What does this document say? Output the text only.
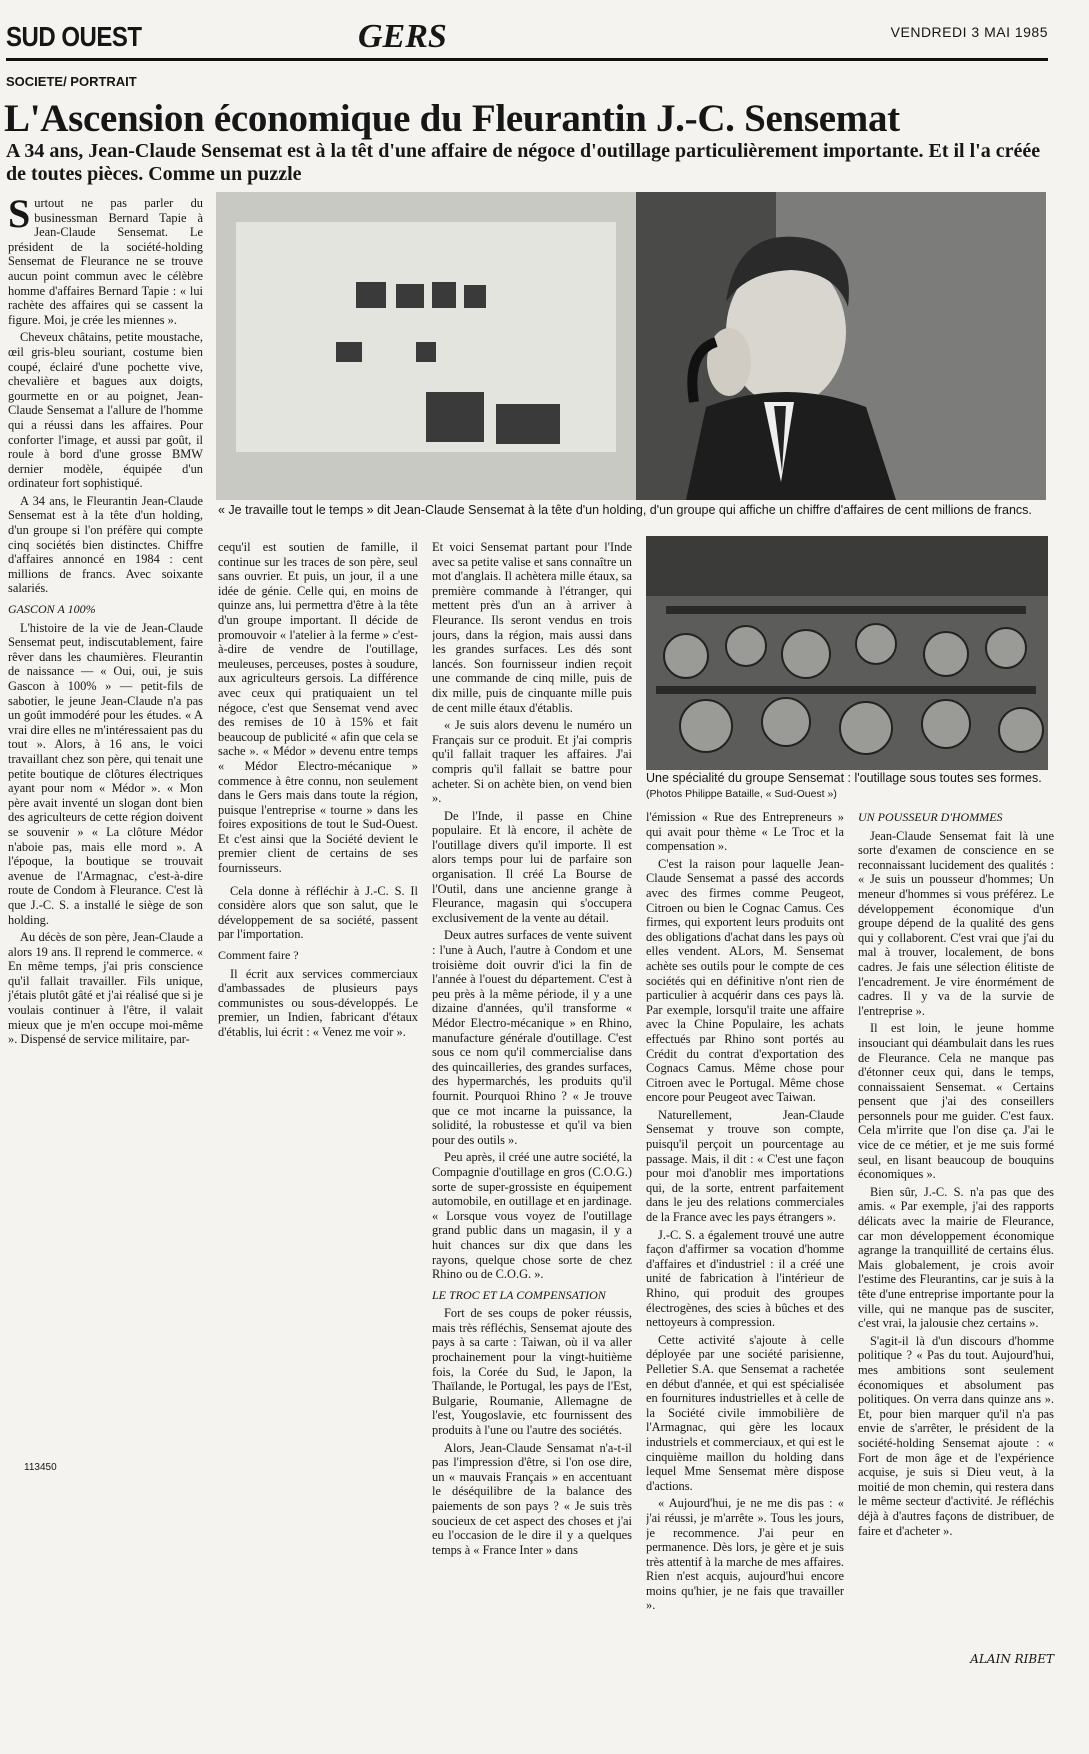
SUD OUEST	GERS	VENDREDI 3 MAI 1985
SOCIETE/ PORTRAIT
L'Ascension économique du Fleurantin J.-C. Sensemat
A 34 ans, Jean-Claude Sensemat est à la têt d'une affaire de négoce d'outillage particulièrement importante. Et il l'a créée de toutes pièces. Comme un puzzle
« Je travaille tout le temps » dit Jean-Claude Sensemat à la tête d'un holding, d'un groupe qui affiche un chiffre d'affaires de cent millions de francs.
Une spécialité du groupe Sensemat : l'outillage sous toutes ses formes. (Photos Philippe Bataille, « Sud-Ouest »)

Surtout ne pas parler du businessman Bernard Tapie à Jean-Claude Sensemat. Le président de la société-holding Sensemat de Fleurance ne se trouve aucun point commun avec le célèbre homme d'affaires Bernard Tapie : « lui rachète des affaires qui se cassent la figure. Moi, je crée les miennes ».

Cheveux châtains, petite moustache, œil gris-bleu souriant, costume bien coupé, éclairé d'une pochette vive, chevalière et bagues aux doigts, gourmette en or au poignet, Jean-Claude Sensemat a l'allure de l'homme qui a réussi dans les affaires. Pour conforter l'image, et aussi par goût, il roule à bord d'une grosse BMW dernier modèle, équipée d'un ordinateur fort sophistiqué.

A 34 ans, le Fleurantin Jean-Claude Sensemat est à la tête d'un holding, d'un groupe si l'on préfère qui compte cinq sociétés bien distinctes. Chiffre d'affaires annoncé en 1984 : cent millions de francs. Avec soixante salariés.

GASCON A 100%

L'histoire de la vie de Jean-Claude Sensemat peut, indiscutablement, faire rêver dans les chaumières. Fleurantin de naissance — « Oui, oui, je suis Gascon à 100% » — petit-fils de sabotier, le jeune Jean-Claude n'a pas un goût immodéré pour les études. « A vrai dire elles ne m'intéressaient pas du tout ». Alors, à 16 ans, le voici travaillant chez son père, qui tenait une petite boutique de clôtures électriques ayant pour nom « Médor ». « Mon père avait inventé un slogan dont bien des agriculteurs de cette région doivent se souvenir » « La clôture Médor n'aboie pas, mais elle mord ». A l'époque, la boutique se trouvait avenue de l'Armagnac, c'est-à-dire route de Condom à Fleurance. C'est là que J.-C. S. a installé le siège de son holding.

Au décès de son père, Jean-Claude a alors 19 ans. Il reprend le commerce. « En même temps, j'ai pris conscience qu'il fallait travailler. Fils unique, j'étais plutôt gâté et j'ai réalisé que si je voulais continuer à l'être, il valait mieux que je m'en occupe moi-même ». Dispensé de service militaire, par-

113450

cequ'il est soutien de famille, il continue sur les traces de son père, seul sans ouvrier. Et puis, un jour, il a une idée de génie. Celle qui, en moins de quinze ans, lui permettra d'être à la tête d'un groupe important. Il décide de promouvoir « l'atelier à la ferme » c'est-à-dire de vendre de l'outillage, meuleuses, perceuses, postes à soudure, aux agriculteurs gersois. La différence avec ceux qui pratiquaient un tel négoce, c'est que Sensemat vend avec des remises de 10 à 15% et fait beaucoup de publicité « afin que cela se sache ». « Médor » devenu entre temps « Médor Electro-mécanique » commence à être connu, non seulement dans le Gers mais dans toute la région, puisque l'entreprise « tourne » dans les foires expositions de tout le Sud-Ouest. Et c'est ainsi que la Société devient le premier client de certains de ses fournisseurs.

Cela donne à réfléchir à J.-C. S. Il considère alors que son salut, que le développement de sa société, passent par l'importation.

Comment faire ?

Il écrit aux services commerciaux d'ambassades de plusieurs pays communistes ou sous-développés. Le premier, un Indien, fabricant d'étaux d'établis, lui écrit : « Venez me voir ».

Et voici Sensemat partant pour l'Inde avec sa petite valise et sans connaître un mot d'anglais. Il achètera mille étaux, sa première commande à l'étranger, qui mettent près d'un an à arriver à Fleurance. Ils seront vendus en trois jours, dans la région, mais aussi dans les grandes surfaces. Les dés sont lancés. Son fournisseur indien reçoit une commande de cinq mille, puis de dix mille, puis de cinquante mille puis de cent mille étaux d'établis.

« Je suis alors devenu le numéro un Français sur ce produit. Et j'ai compris qu'il fallait traquer les affaires. J'ai compris qu'il fallait se battre pour acheter. Si on achète bien, on vend bien ».

De l'Inde, il passe en Chine populaire. Et là encore, il achète de l'outillage divers qu'il importe. Il est alors temps pour lui de parfaire son organisation. Il créé La Bourse de l'Outil, dans une ancienne grange à Fleurance, magasin qui s'occupera exclusivement de la vente au détail.

Deux autres surfaces de vente suivent : l'une à Auch, l'autre à Condom et une troisième doit ouvrir d'ici la fin de l'année à l'ouest du département. C'est à peu près à la même période, il y a une dizaine d'années, qu'il transforme « Médor Electro-mécanique » en Rhino, manufacture générale d'outillage. C'est sous ce nom qu'il commercialise dans des quincailleries, des grandes surfaces, des hypermarchés, les produits qu'il fournit. Pourquoi Rhino ? « Je trouve que ce mot incarne la puissance, la solidité, la robustesse et qu'il va bien pour des outils ».

Peu après, il créé une autre société, la Compagnie d'outillage en gros (C.O.G.) sorte de super-grossiste en équipement automobile, en outillage et en jardinage. « Lorsque vous voyez de l'outillage grand public dans un magasin, il y a huit chances sur dix que dans les rayons, quelque chose sorte de chez Rhino ou de C.O.G. ».

LE TROC ET LA COMPENSATION

Fort de ses coups de poker réussis, mais très réfléchis, Sensemat ajoute des pays à sa carte : Taiwan, où il va aller prochainement pour la vingt-huitième fois, la Corée du Sud, le Japon, la Thaïlande, le Portugal, les pays de l'Est, Bulgarie, Roumanie, Allemagne de l'est, Yougoslavie, etc fournissent des produits à l'une ou l'autre des sociétés.

Alors, Jean-Claude Sensamat n'a-t-il pas l'impression d'être, si l'on ose dire, un « mauvais Français » en accentuant le déséquilibre de la balance des paiements de son pays ? « Je suis très soucieux de cet aspect des choses et j'ai eu l'occasion de le dire il y a quelques temps à « France Inter » dans

l'émission « Rue des Entrepreneurs » qui avait pour thème « Le Troc et la compensation ».

C'est la raison pour laquelle Jean-Claude Sensemat a passé des accords avec des firmes comme Peugeot, Citroen ou bien le Cognac Camus. Ces firmes, qui exportent leurs produits ont des obligations d'achat dans les pays où elles vendent. ALors, M. Sensemat achète ses outils pour le compte de ces sociétés qui en définitive n'ont rien de particulier à acquérir dans ces pays là. Par exemple, lorsqu'il traite une affaire avec la Chine Populaire, les achats effectués par Rhino sont portés au Crédit du contrat d'exportation des Cognacs Camus. Même chose pour Citroen avec le Portugal. Même chose encore pour Peugeot avec Taiwan.

Naturellement, Jean-Claude Sensemat y trouve son compte, puisqu'il perçoit un pourcentage au passage. Mais, il dit : « C'est une façon pour moi d'anoblir mes importations qui, de la sorte, entrent parfaitement dans le jeu des relations commerciales de la France avec les pays étrangers ».

J.-C. S. a également trouvé une autre façon d'affirmer sa vocation d'homme d'affaires et d'industriel : il a créé une unité de fabrication à l'intérieur de Rhino, qui produit des groupes électrogènes, des scies à bûches et des nettoyeurs à compression.

Cette activité s'ajoute à celle déployée par une société parisienne, Pelletier S.A. que Sensemat a rachetée en début d'année, et qui est spécialisée en fournitures industrielles et à celle de la Société civile immobilière de l'Armagnac, qui gère les locaux industriels et commerciaux, et qui est le cinquième maillon du holding dans lequel Mme Sensemat mère dispose d'actions.

« Aujourd'hui, je ne me dis pas : « j'ai réussi, je m'arrête ». Tous les jours, je recommence. J'ai peur en permanence. Dès lors, je gère et je suis très attentif à la marche de mes affaires. Rien n'est acquis, aujourd'hui encore moins qu'hier, je ne fais que travailler ».

UN POUSSEUR D'HOMMES

Jean-Claude Sensemat fait là une sorte d'examen de conscience en se reconnaissant lucidement des qualités : « Je suis un pousseur d'hommes; Un meneur d'hommes si vous préférez. Le développement économique d'un groupe dépend de la qualité des gens qui y collaborent. C'est vrai que j'ai du mal à trouver, localement, de bons cadres. Je fais une sélection élitiste de l'encadrement. Je vire énormément de cadres. Il y va de la survie de l'entreprise ».

Il est loin, le jeune homme insouciant qui déambulait dans les rues de Fleurance. Cela ne manque pas d'étonner ceux qui, dans le temps, connaissaient Sensemat. « Certains pensent que j'ai des conseillers personnels pour me guider. C'est faux. Cela m'irrite que l'on dise ça. J'ai le vice de ce métier, et je me suis formé seul, en lisant beaucoup de bouquins économiques ».

Bien sûr, J.-C. S. n'a pas que des amis. « Par exemple, j'ai des rapports délicats avec la mairie de Fleurance, car mon développement économique agrange la tranquillité de certains élus. Mais globalement, je crois avoir l'estime des Fleurantins, car je suis à la tête d'une entreprise importante pour la ville, qui ne manque pas de susciter, c'est vrai, la jalousie chez certains ».

S'agit-il là d'un discours d'homme politique ? « Pas du tout. Aujourd'hui, mes ambitions sont seulement économiques et absolument pas politiques. On verra dans quinze ans ». Et, pour bien marquer qu'il n'a pas envie de s'arrêter, le président de la société-holding Sensemat ajoute : « Fort de mon âge et de l'expérience acquise, je suis si Dieu veut, à la moitié de mon chemin, qui restera dans le même secteur d'activité. Je réfléchis déjà à d'autres façons de distribuer, de faire et d'acheter ».

ALAIN RIBET
